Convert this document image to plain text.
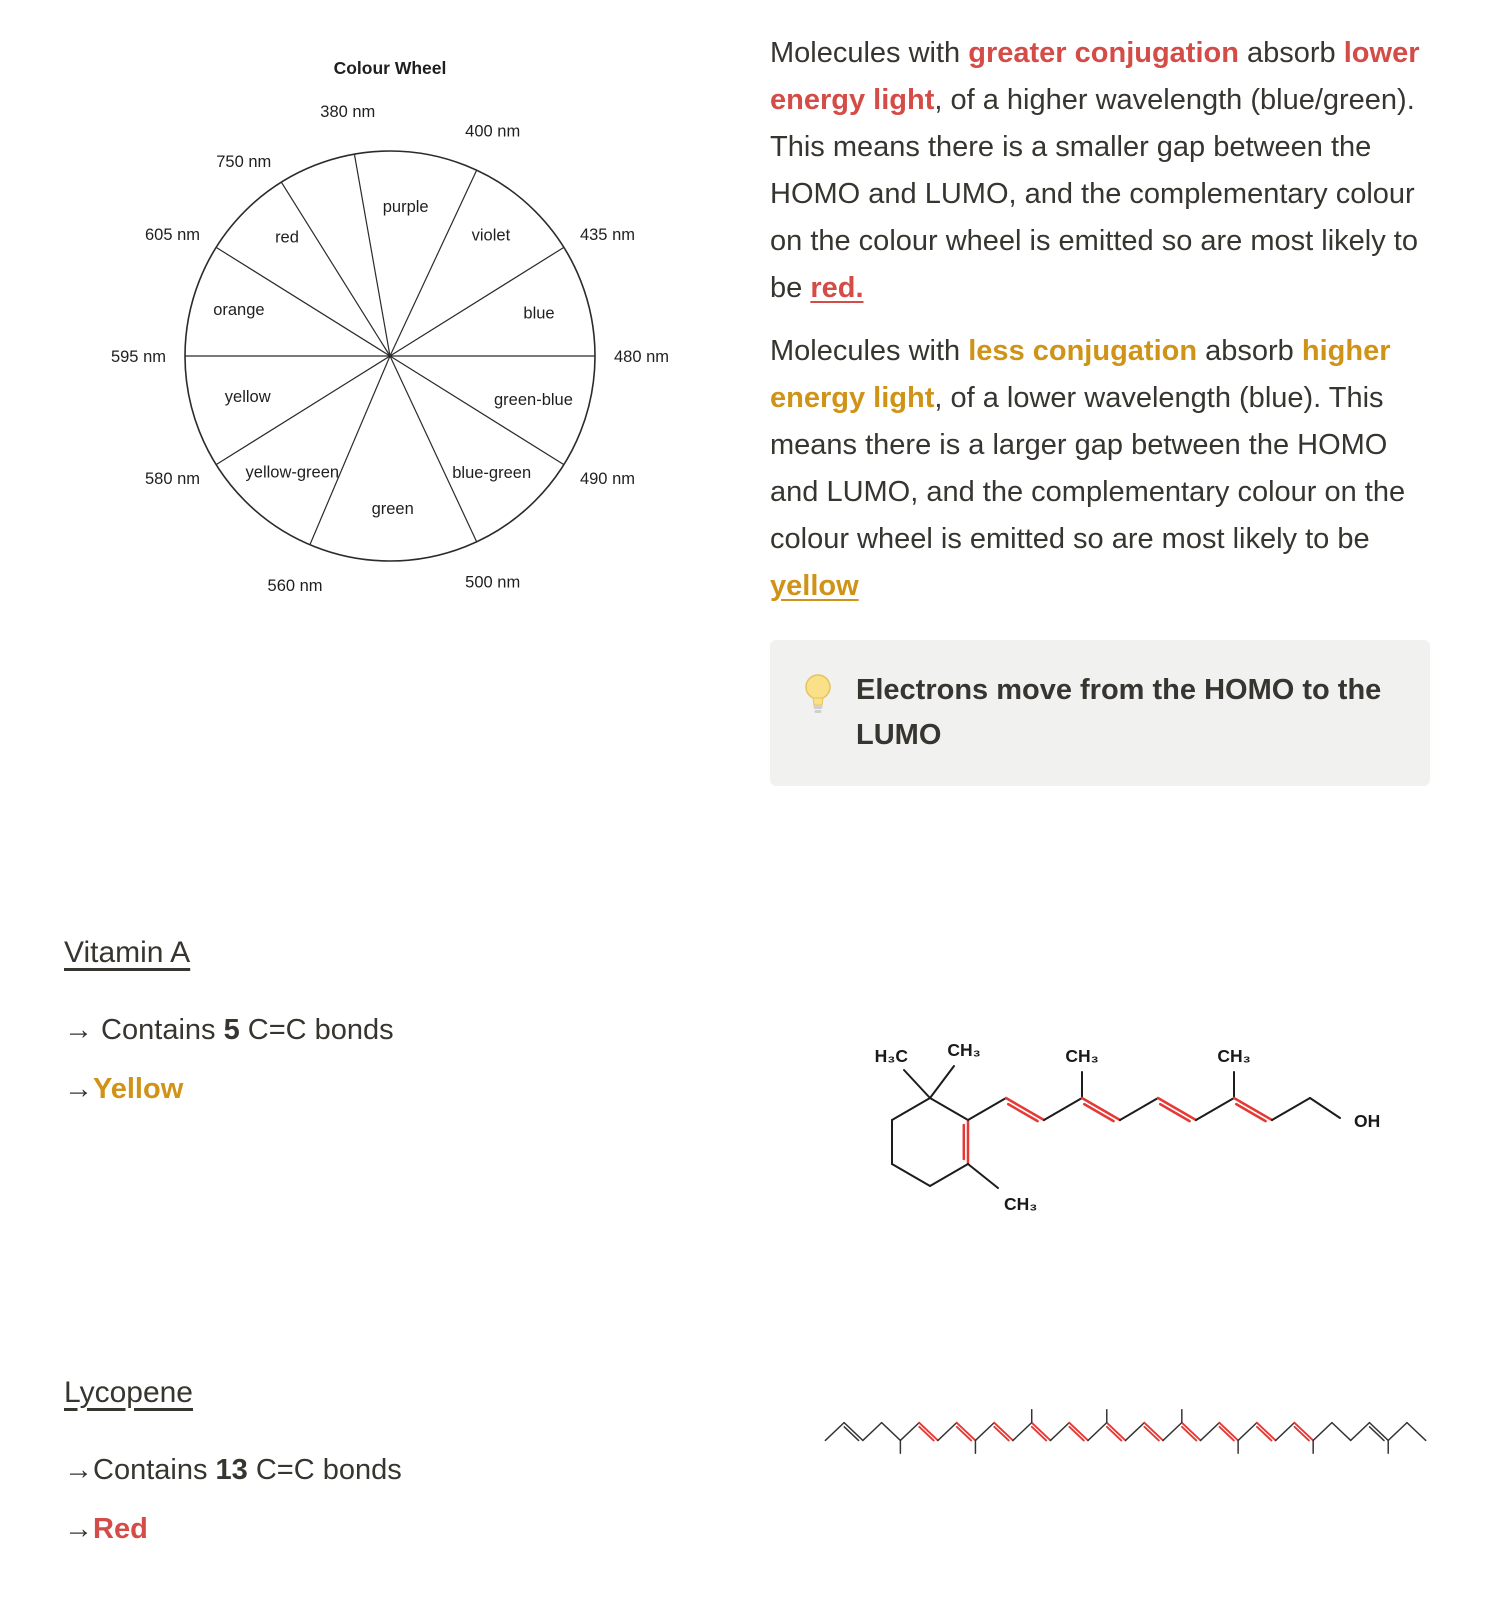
Colour Wheel
380 nm
400 nm
435 nm
480 nm
490 nm
500 nm
560 nm
580 nm
595 nm
605 nm
750 nm
purple
violet
blue
green-blue
blue-green
green
yellow-green
yellow
orange
red

Molecules with greater conjugation absorb lower energy light, of a higher wavelength (blue/green). This means there is a smaller gap between the HOMO and LUMO, and the complementary colour on the colour wheel is emitted so are most likely to be red.

Molecules with less conjugation absorb higher energy light, of a lower wavelength (blue). This means there is a larger gap between the HOMO and LUMO, and the complementary colour on the colour wheel is emitted so are most likely to be yellow

Electrons move from the HOMO to the LUMO
Vitamin A

→ Contains 5 C=C bonds

→Yellow

H₃C CH₃	CH₃	CH₃
CH₃
OH
Lycopene

→Contains 13 C=C bonds

→Red
